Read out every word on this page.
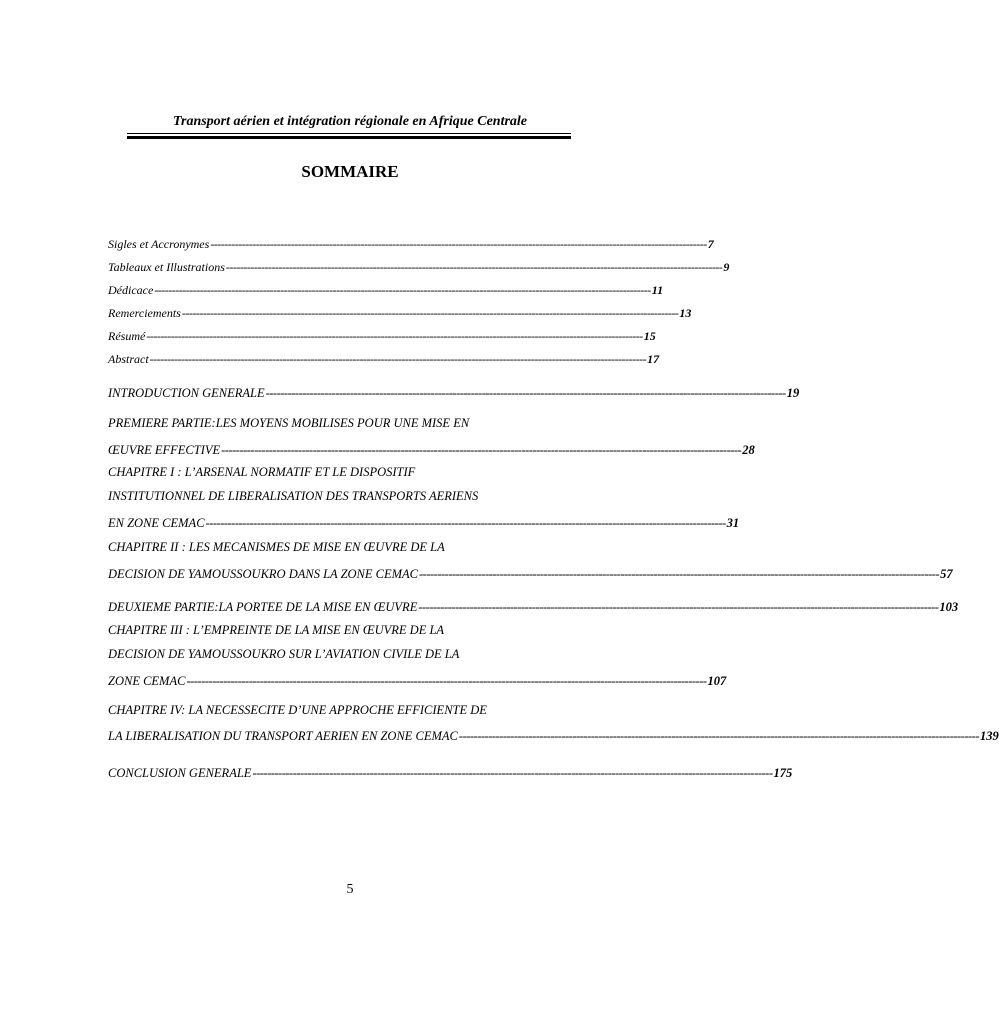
Transport aérien et intégration régionale en Afrique Centrale
SOMMAIRE
Sigles et Accronymes ---------------------------------------------------------------------------------------------------------------------------------------------- 7
Tableaux et Illustrations ---------------------------------------------------------------------------------------------------------------------------------------------- 9
Dédicace ---------------------------------------------------------------------------------------------------------------------------------------------- 11
Remerciements ---------------------------------------------------------------------------------------------------------------------------------------------- 13
Résumé ---------------------------------------------------------------------------------------------------------------------------------------------- 15
Abstract ---------------------------------------------------------------------------------------------------------------------------------------------- 17
INTRODUCTION GENERALE ---------------------------------------------------------------------------------------------------------------------------------------------- 19
PREMIERE PARTIE:LES MOYENS MOBILISES POUR UNE MISE EN
ŒUVRE EFFECTIVE ---------------------------------------------------------------------------------------------------------------------------------------------- 28
CHAPITRE I : L’ARSENAL NORMATIF ET LE DISPOSITIF
INSTITUTIONNEL DE LIBERALISATION DES TRANSPORTS AERIENS
EN ZONE CEMAC ---------------------------------------------------------------------------------------------------------------------------------------------- 31
CHAPITRE II : LES MECANISMES DE MISE EN ŒUVRE DE LA
DECISION DE YAMOUSSOUKRO DANS LA ZONE CEMAC ---------------------------------------------------------------------------------------------------------------------------------------------- 57
DEUXIEME PARTIE:LA PORTEE DE LA MISE EN ŒUVRE ---------------------------------------------------------------------------------------------------------------------------------------------- 103
CHAPITRE III : L’EMPREINTE DE LA MISE EN ŒUVRE DE LA
DECISION DE YAMOUSSOUKRO SUR L’AVIATION CIVILE DE LA
ZONE CEMAC ---------------------------------------------------------------------------------------------------------------------------------------------- 107
CHAPITRE IV: LA NECESSECITE D’UNE APPROCHE EFFICIENTE DE
LA LIBERALISATION DU TRANSPORT AERIEN EN ZONE CEMAC ---------------------------------------------------------------------------------------------------------------------------------------------- 139
CONCLUSION GENERALE ---------------------------------------------------------------------------------------------------------------------------------------------- 175
5
